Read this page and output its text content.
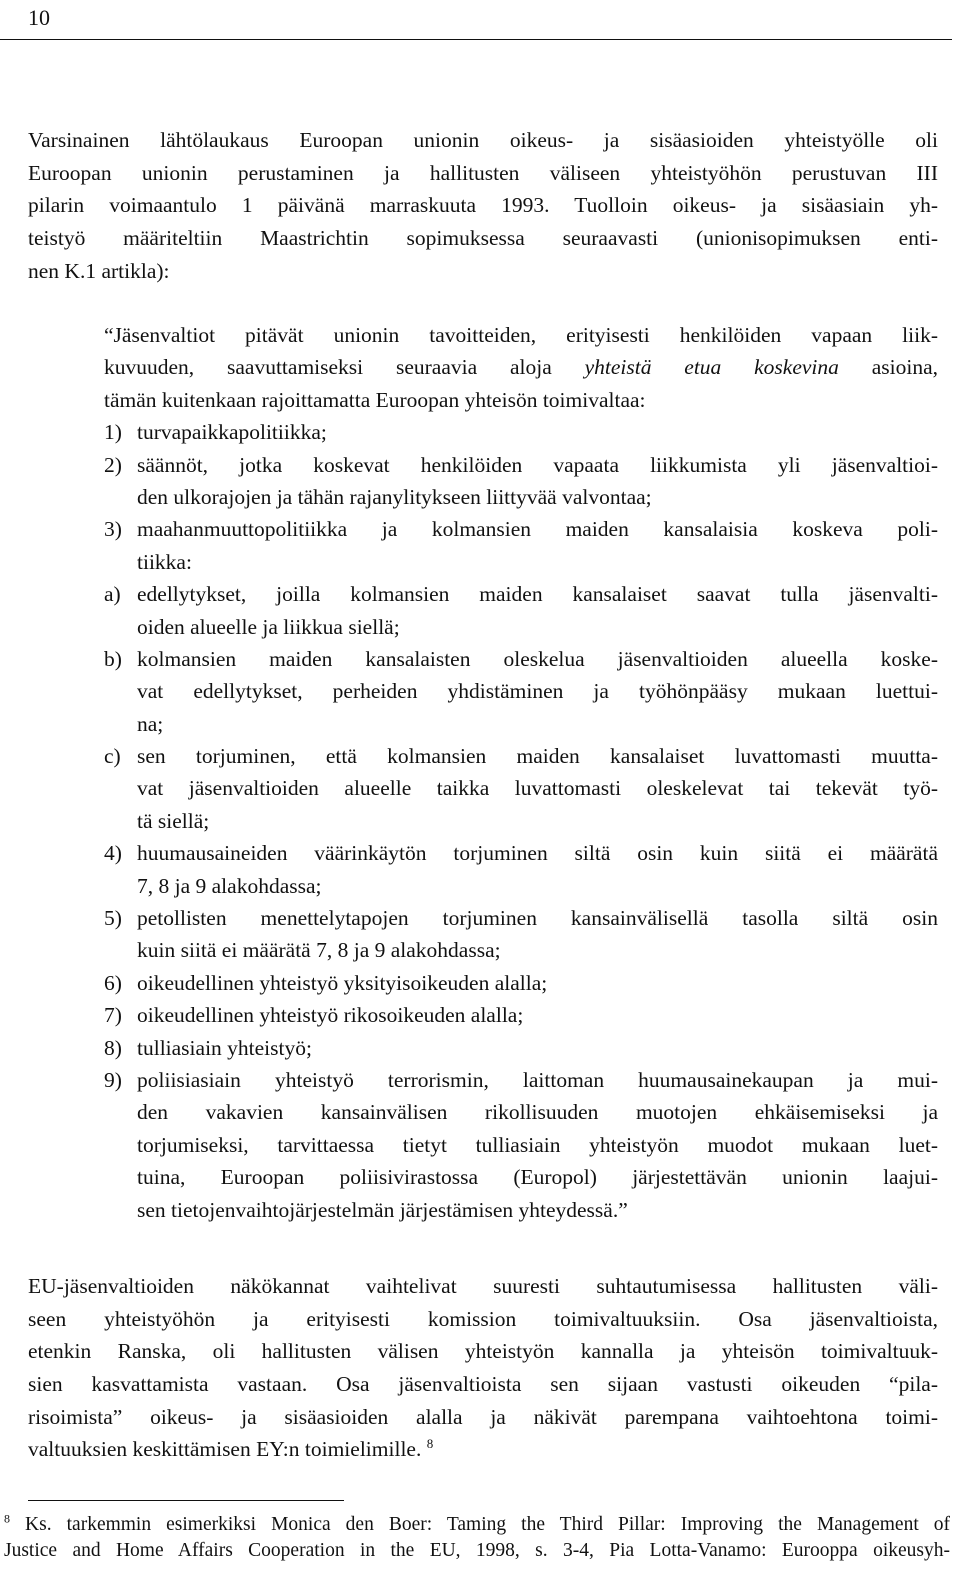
10
Varsinainen lähtölaukaus Euroopan unionin oikeus- ja sisäasioiden yhteistyölle oli
Euroopan unionin perustaminen ja hallitusten väliseen yhteistyöhön perustuvan III
pilarin voimaantulo 1 päivänä marraskuuta 1993. Tuolloin oikeus- ja sisäasiain yh-
teistyö määriteltiin Maastrichtin sopimuksessa seuraavasti (unionisopimuksen enti-
nen K.1 artikla):
“Jäsenvaltiot pitävät unionin tavoitteiden, erityisesti henkilöiden vapaan liik-
kuvuuden, saavuttamiseksi seuraavia aloja yhteistä etua koskevina asioina,
tämän kuitenkaan rajoittamatta Euroopan yhteisön toimivaltaa:
1) turvapaikkapolitiikka;
2) säännöt, jotka koskevat henkilöiden vapaata liikkumista yli jäsenvaltioi-
den ulkorajojen ja tähän rajanylitykseen liittyvää valvontaa;
3) maahanmuuttopolitiikka ja kolmansien maiden kansalaisia koskeva poli-
tiikka:
a) edellytykset, joilla kolmansien maiden kansalaiset saavat tulla jäsenvalti-
oiden alueelle ja liikkua siellä;
b) kolmansien maiden kansalaisten oleskelua jäsenvaltioiden alueella koske-
vat edellytykset, perheiden yhdistäminen ja työhönpääsy mukaan luettui-
na;
c) sen torjuminen, että kolmansien maiden kansalaiset luvattomasti muutta-
vat jäsenvaltioiden alueelle taikka luvattomasti oleskelevat tai tekevät työ-
tä siellä;
4) huumausaineiden väärinkäytön torjuminen siltä osin kuin siitä ei määrätä
7, 8 ja 9 alakohdassa;
5) petollisten menettelytapojen torjuminen kansainvälisellä tasolla siltä osin
kuin siitä ei määrätä 7, 8 ja 9 alakohdassa;
6) oikeudellinen yhteistyö yksityisoikeuden alalla;
7) oikeudellinen yhteistyö rikosoikeuden alalla;
8) tulliasiain yhteistyö;
9) poliisiasiain yhteistyö terrorismin, laittoman huumausainekaupan ja mui-
den vakavien kansainvälisen rikollisuuden muotojen ehkäisemiseksi ja
torjumiseksi, tarvittaessa tietyt tulliasiain yhteistyön muodot mukaan luet-
tuina, Euroopan poliisivirastossa (Europol) järjestettävän unionin laajui-
sen tietojenvaihtojärjestelmän järjestämisen yhteydessä.”
EU-jäsenvaltioiden näkökannat vaihtelivat suuresti suhtautumisessa hallitusten väli-
seen yhteistyöhön ja erityisesti komission toimivaltuuksiin. Osa jäsenvaltioista,
etenkin Ranska, oli hallitusten välisen yhteistyön kannalla ja yhteisön toimivaltuuk-
sien kasvattamista vastaan. Osa jäsenvaltioista sen sijaan vastusti oikeuden “pila-
risoimista” oikeus- ja sisäasioiden alalla ja näkivät parempana vaihtoehtona toimi-
valtuuksien keskittämisen EY:n toimielimille. $^8$
$^8$ Ks. tarkemmin esimerkiksi Monica den Boer: Taming the Third Pillar: Improving the Management of
Justice and Home Affairs Cooperation in the EU, 1998, s. 3-4, Pia Lotta-Vanamo: Eurooppa oikeusyh-
